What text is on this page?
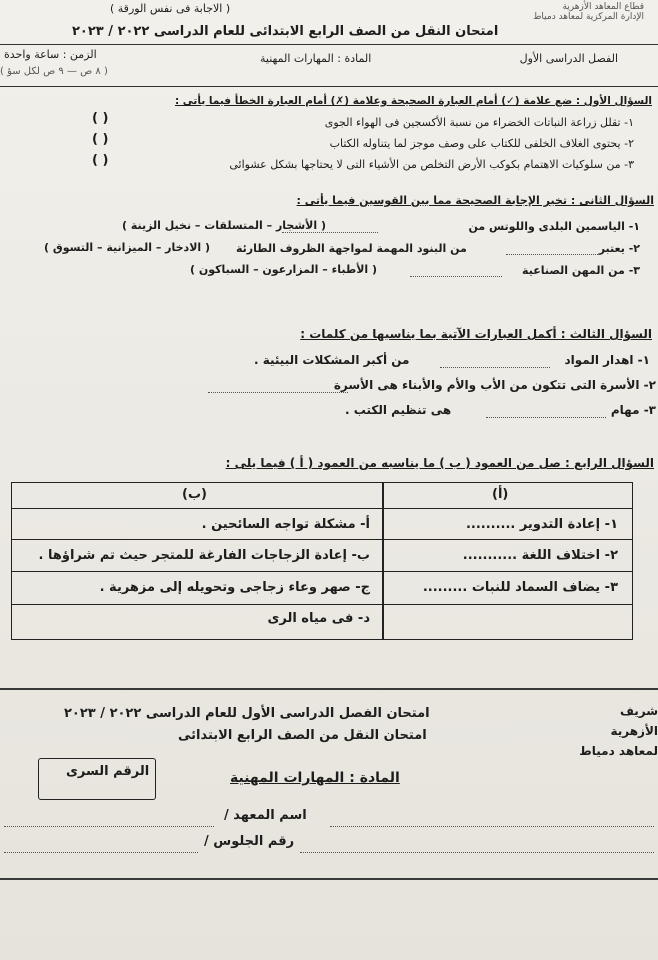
قطاع المعاهد الأزهرية
الإدارة المركزية لمعاهد دمياط
( الاجابة فى نفس الورقة )
امتحان النقل من الصف الرابع الابتدائى للعام الدراسى ٢٠٢٢ / ٢٠٢٣
الفصل الدراسى الأول
المادة : المهارات المهنية
الزمن : ساعة واحدة
( ٨ ص — ٩ ص لكل سؤ )
السؤال الأول : ضع علامة (✓) أمام العبارة الصحيحة وعلامة (✗) أمام العبارة الخطأ فيما يأتى :
١- تقلل زراعة النباتات الخضراء من نسبة الأكسجين فى الهواء الجوى
( )
٢- يحتوى الغلاف الخلفى للكتاب على وصف موجز لما يتناوله الكتاب
( )
٣- من سلوكيات الاهتمام بكوكب الأرض التخلص من الأشياء التى لا يحتاجها بشكل عشوائى
( )
السؤال الثانى : تخير الإجابة الصحيحة مما بين القوسين فيما يأتى :
١- الياسمين البلدى واللوتس من
( الأشجار – المتسلقات – نخيل الزينة )
٢- يعتبر
من البنود المهمة لمواجهة الظروف الطارئة
( الادخار – الميزانية – التسوق )
٣- من المهن الصناعية
( الأطباء – المزارعون – السباكون )
السؤال الثالث : أكمل العبارات الآتية بما يناسبها من كلمات :
١- اهدار المواد
من أكبر المشكلات البيئية .
٢- الأسرة التى تتكون من الأب والأم والأبناء هى الأسرة
٣- مهام
هى تنظيم الكتب .
السؤال الرابع : صل من العمود ( ب ) ما يناسبه من العمود ( أ ) فيما يلى :
(أ)
(ب)
١- إعادة التدوير ..........
٢- اختلاف اللغة ...........
٣- يضاف السماد للنبات .........
أ- مشكلة تواجه السائحين .
ب- إعادة الزجاجات الفارغة للمتجر حيث تم شراؤها .
ج- صهر وعاء زجاجى وتحويله إلى مزهرية .
د- فى مياه الرى
شريف
الأزهرية
لمعاهد دمياط
امتحان الفصل الدراسى الأول للعام الدراسى ٢٠٢٢ / ٢٠٢٣
امتحان النقل من الصف الرابع الابتدائى
الرقم السرى	المادة : المهارات المهنية
اسم المعهد /
رقم الجلوس /
